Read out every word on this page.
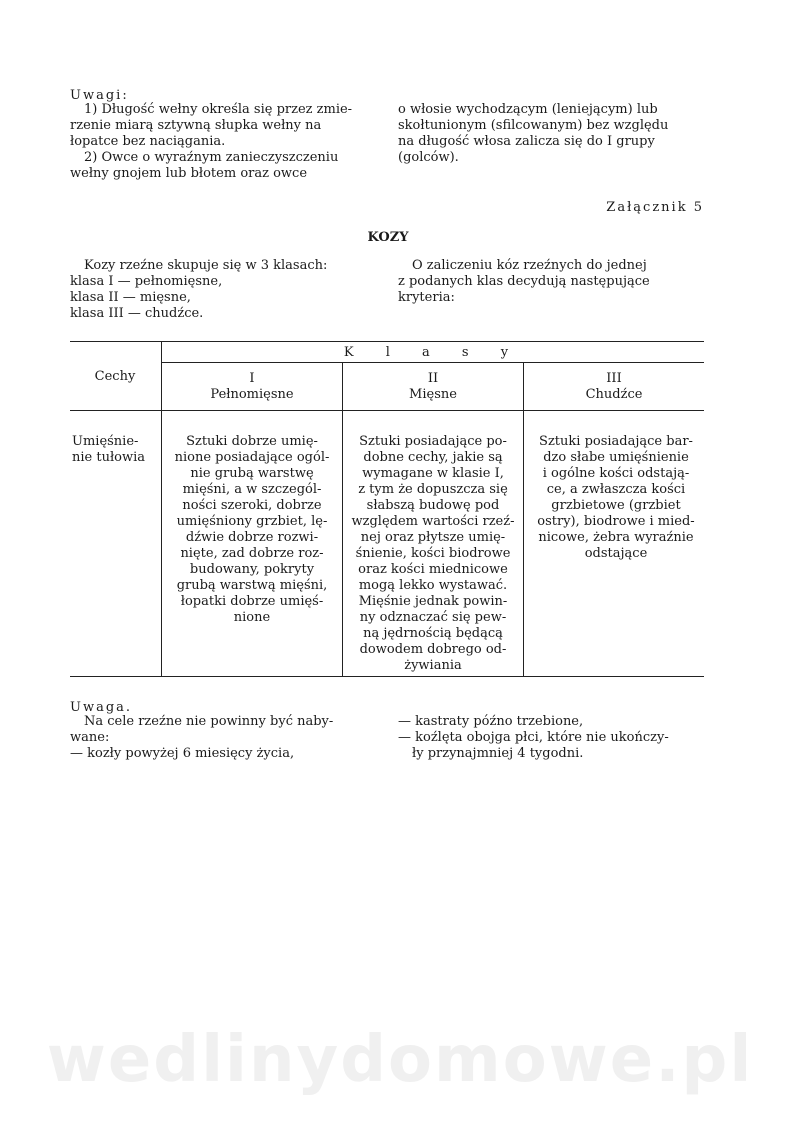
Uwagi:
1) Długość wełny określa się przez zmie-
rzenie miarą sztywną słupka wełny na
łopatce bez naciągania.
2) Owce o wyraźnym zanieczyszczeniu
wełny gnojem lub błotem oraz owce
o włosie wychodzącym (leniejącym) lub
skołtunionym (sfilcowanym) bez względu
na długość włosa zalicza się do I grupy
(golców).
Załącznik 5
KOZY
Kozy rzeźne skupuje się w 3 klasach:
klasa I — pełnomięsne,
klasa II — mięsne,
klasa III — chudźce.
O zaliczeniu kóz rzeźnych do jednej
z podanych klas decydują następujące
kryteria:
Cechy
K l a s y
I
Pełnomięsne
II
Mięsne
III
Chudźce
Umięśnie-
nie tułowia
Sztuki dobrze umię-
nione posiadające ogól-
nie grubą warstwę
mięśni, a w szczegól-
ności szeroki, dobrze
umięśniony grzbiet, lę-
dźwie dobrze rozwi-
nięte, zad dobrze roz-
budowany, pokryty
grubą warstwą mięśni,
łopatki dobrze umięś-
nione
Sztuki posiadające po-
dobne cechy, jakie są
wymagane w klasie I,
z tym że dopuszcza się
słabszą budowę pod
względem wartości rzeź-
nej oraz płytsze umię-
śnienie, kości biodrowe
oraz kości miednicowe
mogą lekko wystawać.
Mięśnie jednak powin-
ny odznaczać się pew-
ną jędrnością będącą
dowodem dobrego od-
żywiania
Sztuki posiadające bar-
dzo słabe umięśnienie
i ogólne kości odstają-
ce, a zwłaszcza kości
grzbietowe (grzbiet
ostry), biodrowe i mied-
nicowe, żebra wyraźnie
odstające
Uwaga.
Na cele rzeźne nie powinny być naby-
wane:
— kozły powyżej 6 miesięcy życia,
— kastraty późno trzebione,
— koźlęta obojga płci, które nie ukończy-
ły przynajmniej 4 tygodni.
wedlinydomowe.pl
